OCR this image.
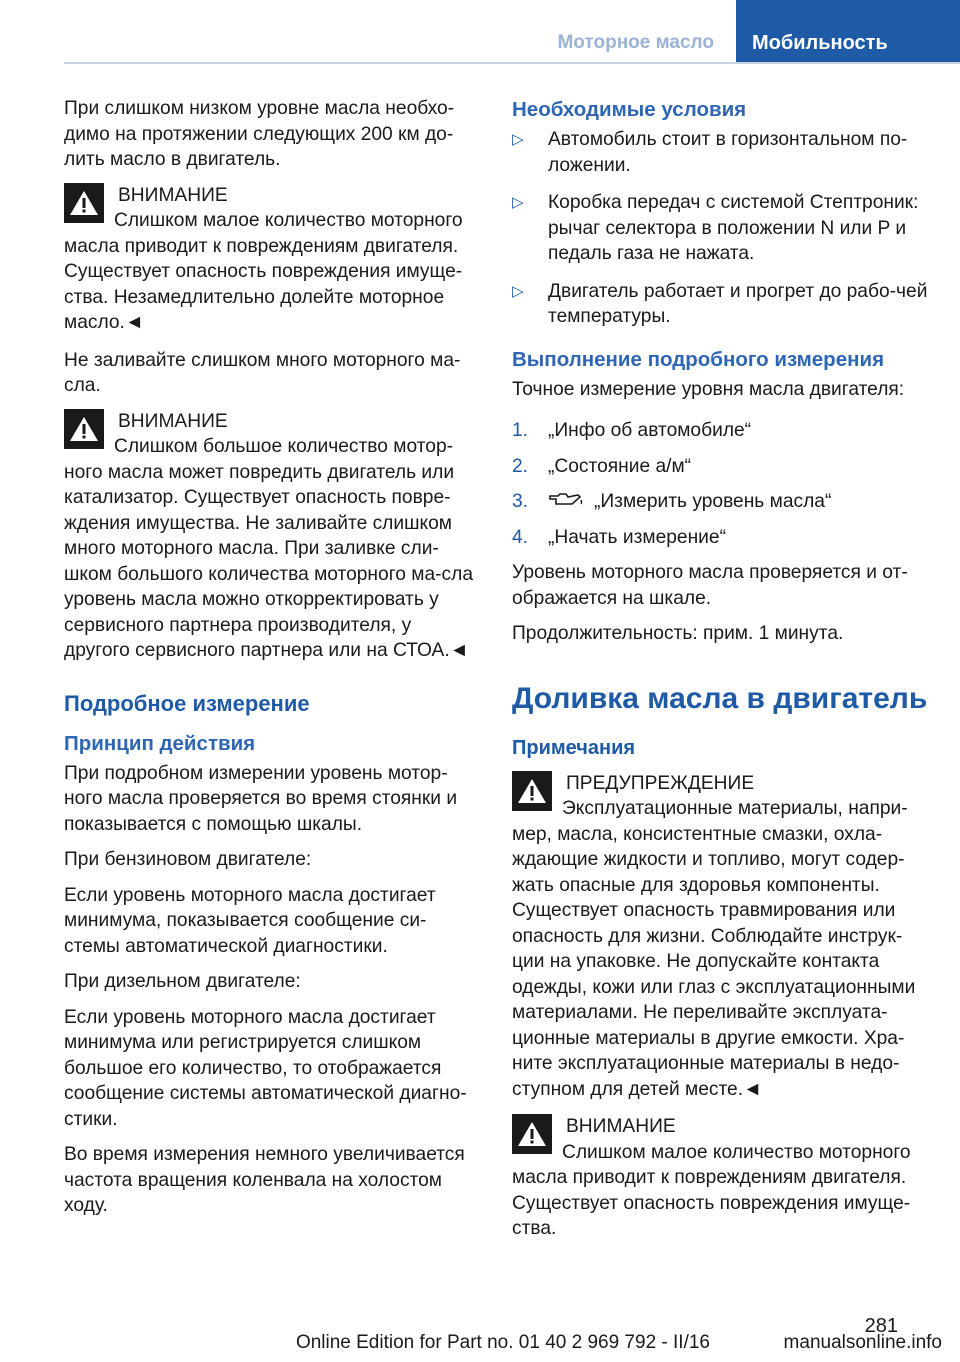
Моторное масло	Мобильность

При слишком низком уровне масла необхо-димо на протяжении следующих 200 км до-лить масло в двигатель.

ВНИМАНИЕ
Слишком малое количество моторного масла приводит к повреждениям двигателя. Существует опасность повреждения имуще-ства. Незамедлительно долейте моторное масло.◄

Не заливайте слишком много моторного ма-сла.

ВНИМАНИЕ
Слишком большое количество мотор-ного масла может повредить двигатель или катализатор. Существует опасность повре-ждения имущества. Не заливайте слишком много моторного масла. При заливке сли-шком большого количества моторного ма-сла уровень масла можно откорректировать у сервисного партнера производителя, у другого сервисного партнера или на СТОА.◄
Подробное измерение
Принцип действия

При подробном измерении уровень мотор-ного масла проверяется во время стоянки и показывается с помощью шкалы.

При бензиновом двигателе:

Если уровень моторного масла достигает минимума, показывается сообщение си-стемы автоматической диагностики.

При дизельном двигателе:

Если уровень моторного масла достигает минимума или регистрируется слишком большое его количество, то отображается сообщение системы автоматической диагно-стики.

Во время измерения немного увеличивается частота вращения коленвала на холостом ходу.

Необходимые условия
▷ Автомобиль стоит в горизонтальном по-ложении.
▷ Коробка передач с системой Стептроник: рычаг селектора в положении N или P и педаль газа не нажата.
▷ Двигатель работает и прогрет до рабо-чей температуры.
Выполнение подробного измерения

Точное измерение уровня масла двигателя:

1. „Инфо об автомобиле“
2. „Состояние а/м“
3.	„Измерить уровень масла“
4. „Начать измерение“

Уровень моторного масла проверяется и от-ображается на шкале.

Продолжительность: прим. 1 минута.

Доливка масла в двигатель
Примечания
ПРЕДУПРЕЖДЕНИЕ
Эксплуатационные материалы, напри-мер, масла, консистентные смазки, охла-ждающие жидкости и топливо, могут содер-жать опасные для здоровья компоненты. Существует опасность травмирования или опасность для жизни. Соблюдайте инструк-ции на упаковке. Не допускайте контакта одежды, кожи или глаз с эксплуатационными материалами. Не переливайте эксплуата-ционные материалы в другие емкости. Хра-ните эксплуатационные материалы в недо-ступном для детей месте.◄
ВНИМАНИЕ
Слишком малое количество моторного масла приводит к повреждениям двигателя. Существует опасность повреждения имуще-ства.
281
Online Edition for Part no. 01 40 2 969 792 - II/16	manualsonline.info
